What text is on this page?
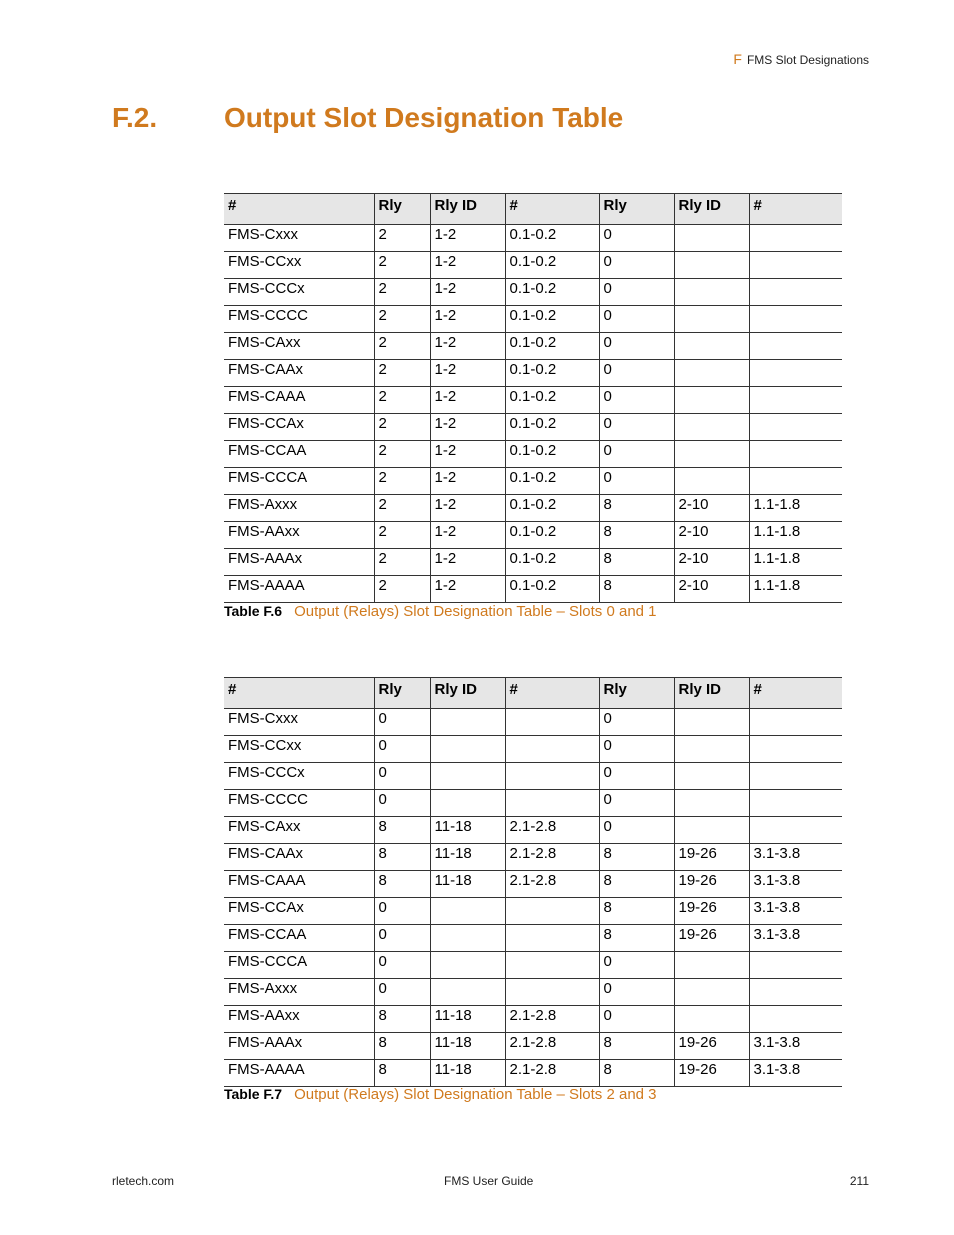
F FMS Slot Designations
F.2. Output Slot Designation Table
#	Rly	Rly ID	#	Rly	Rly ID	#
FMS-Cxxx	2	1-2	0.1-0.2	0		
FMS-CCxx	2	1-2	0.1-0.2	0		
FMS-CCCx	2	1-2	0.1-0.2	0		
FMS-CCCC	2	1-2	0.1-0.2	0		
FMS-CAxx	2	1-2	0.1-0.2	0		
FMS-CAAx	2	1-2	0.1-0.2	0		
FMS-CAAA	2	1-2	0.1-0.2	0		
FMS-CCAx	2	1-2	0.1-0.2	0		
FMS-CCAA	2	1-2	0.1-0.2	0		
FMS-CCCA	2	1-2	0.1-0.2	0		
FMS-Axxx	2	1-2	0.1-0.2	8	2-10	1.1-1.8
FMS-AAxx	2	1-2	0.1-0.2	8	2-10	1.1-1.8
FMS-AAAx	2	1-2	0.1-0.2	8	2-10	1.1-1.8
FMS-AAAA	2	1-2	0.1-0.2	8	2-10	1.1-1.8
Table F.6 Output (Relays) Slot Designation Table – Slots 0 and 1
#	Rly	Rly ID	#	Rly	Rly ID	#
FMS-Cxxx	0			0		
FMS-CCxx	0			0		
FMS-CCCx	0			0		
FMS-CCCC	0			0		
FMS-CAxx	8	11-18	2.1-2.8	0		
FMS-CAAx	8	11-18	2.1-2.8	8	19-26	3.1-3.8
FMS-CAAA	8	11-18	2.1-2.8	8	19-26	3.1-3.8
FMS-CCAx	0			8	19-26	3.1-3.8
FMS-CCAA	0			8	19-26	3.1-3.8
FMS-CCCA	0			0		
FMS-Axxx	0			0		
FMS-AAxx	8	11-18	2.1-2.8	0		
FMS-AAAx	8	11-18	2.1-2.8	8	19-26	3.1-3.8
FMS-AAAA	8	11-18	2.1-2.8	8	19-26	3.1-3.8
Table F.7 Output (Relays) Slot Designation Table – Slots 2 and 3
rletech.com	FMS User Guide	211
